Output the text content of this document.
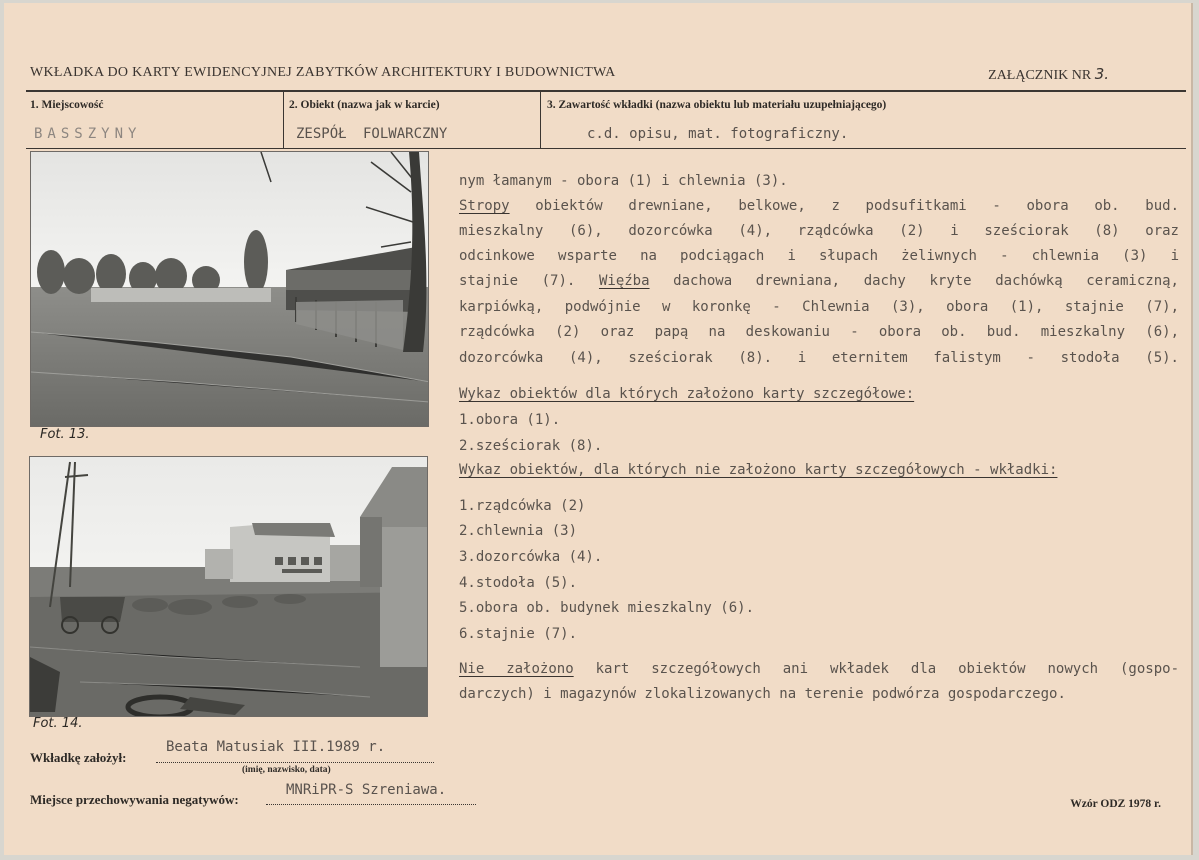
WKŁADKA DO KARTY EWIDENCYJNEJ ZABYTKÓW ARCHITEKTURY I BUDOWNICTWA	ZAŁĄCZNIK NR 3.
1. Miejscowość
BASSZYNY
2. Obiekt (nazwa jak w karcie)
ZESPÓŁ FOLWARCZNY
3. Zawartość wkładki (nazwa obiektu lub materiału uzupełniającego)
c.d. opisu, mat. fotograficzny.
Fot. 13.
Fot. 14.
nym łamanym - obora (1) i chlewnia (3).
Stropy obiektów drewniane, belkowe, z podsufitkami - obora ob. bud.
mieszkalny (6), dozorcówka (4), rządcówka (2) i sześciorak (8) oraz
odcinkowe wsparte na podciągach i słupach żeliwnych - chlewnia (3) i
stajnie (7). Więźba dachowa drewniana, dachy kryte dachówką ceramiczną,
karpiówką, podwójnie w koronkę - Chlewnia (3), obora (1), stajnie (7),
rządcówka (2) oraz papą na deskowaniu - obora ob. bud. mieszkalny (6),
dozorcówka (4), sześciorak (8). i eternitem falistym - stodoła (5).
Wykaz obiektów dla których założono karty szczegółowe:
1.obora (1).
2.sześciorak (8).
Wykaz obiektów, dla których nie założono karty szczegółowych - wkładki:
1.rządcówka (2)
2.chlewnia (3)
3.dozorcówka (4).
4.stodoła (5).
5.obora ob. budynek mieszkalny (6).
6.stajnie (7).
Nie założono kart szczegółowych ani wkładek dla obiektów nowych (gospo-
darczych) i magazynów zlokalizowanych na terenie podwórza gospodarczego.
Wkładkę założył:
Beata Matusiak III.1989 r.
(imię, nazwisko, data)
Miejsce przechowywania negatywów:
MNRiPR-S Szreniawa.
Wzór ODZ 1978 r.
